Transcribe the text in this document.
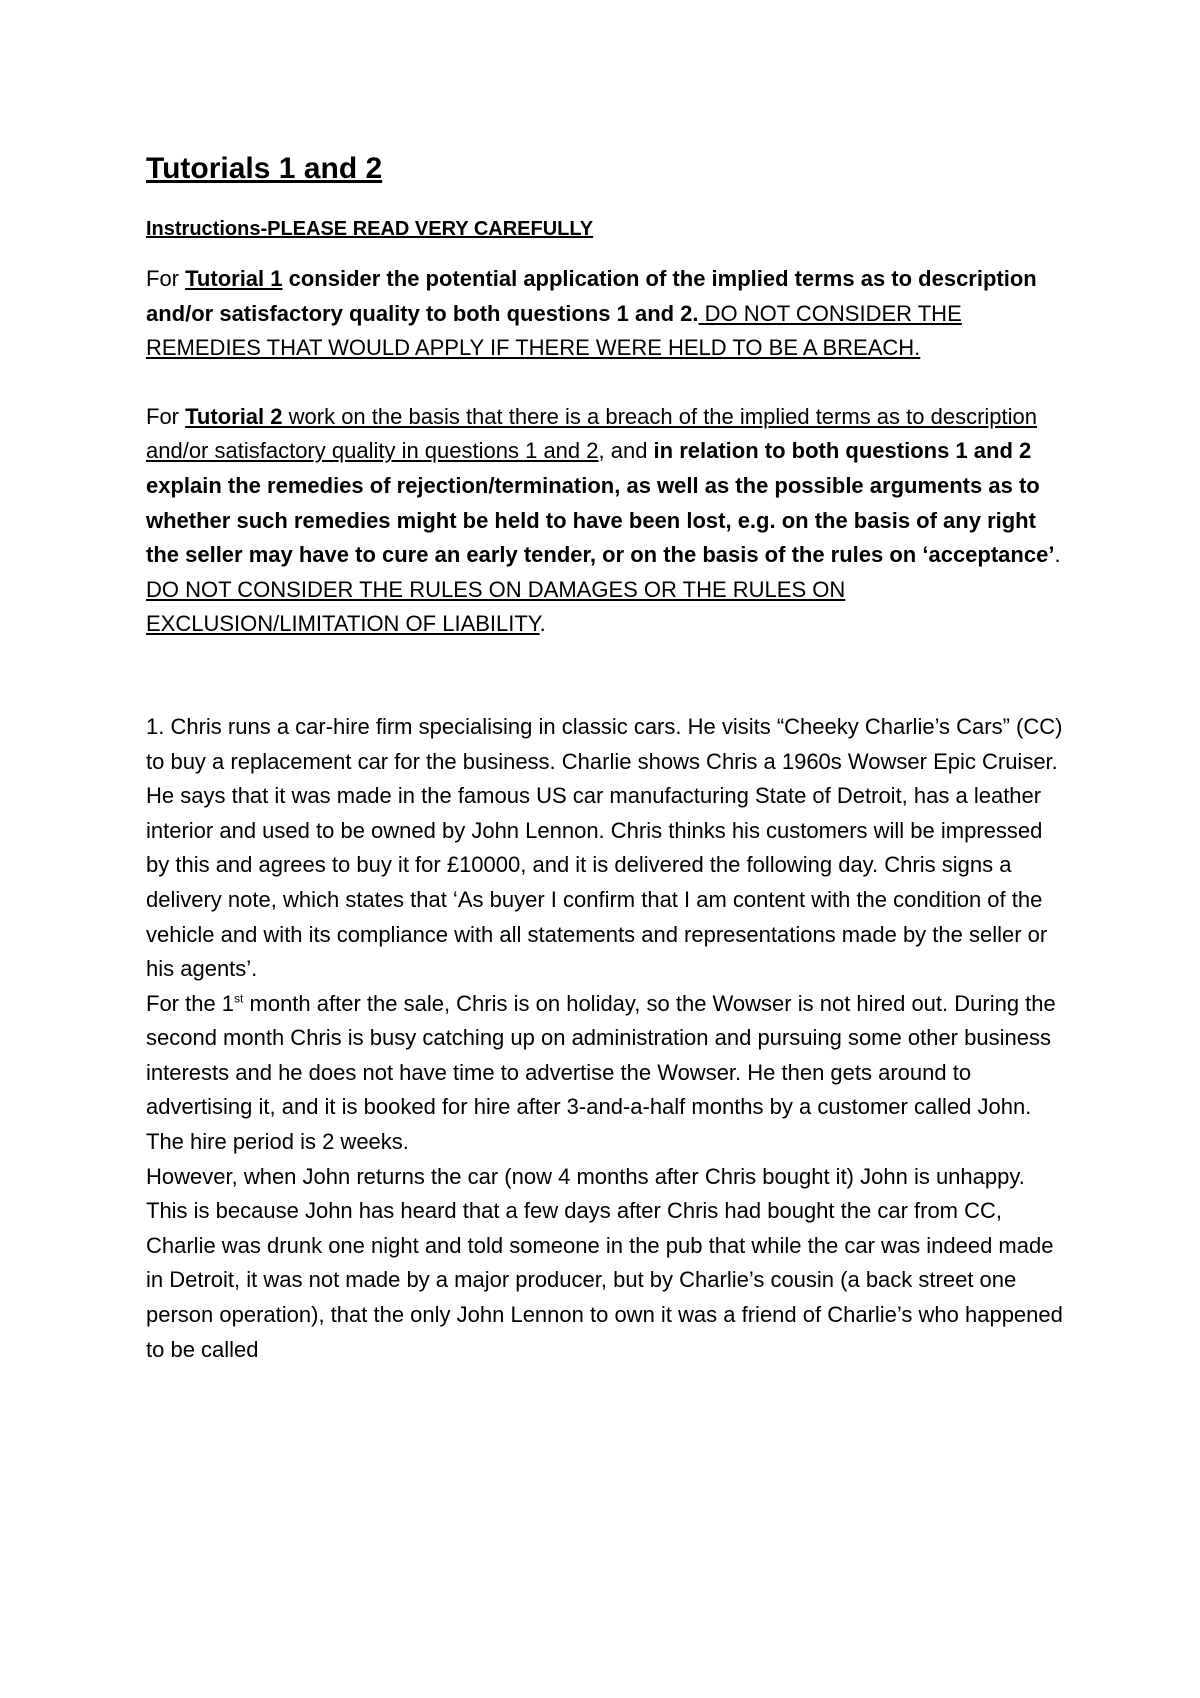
Tutorials 1 and 2
Instructions-PLEASE READ VERY CAREFULLY

For Tutorial 1 consider the potential application of the implied terms as to description and/or satisfactory quality to both questions 1 and 2. DO NOT CONSIDER THE REMEDIES THAT WOULD APPLY IF THERE WERE HELD TO BE A BREACH.

For Tutorial 2 work on the basis that there is a breach of the implied terms as to description and/or satisfactory quality in questions 1 and 2, and in relation to both questions 1 and 2 explain the remedies of rejection/termination, as well as the possible arguments as to whether such remedies might be held to have been lost, e.g. on the basis of any right the seller may have to cure an early tender, or on the basis of the rules on ‘acceptance’. DO NOT CONSIDER THE RULES ON DAMAGES OR THE RULES ON EXCLUSION/LIMITATION OF LIABILITY.

1. Chris runs a car-hire firm specialising in classic cars. He visits “Cheeky Charlie’s Cars” (CC) to buy a replacement car for the business. Charlie shows Chris a 1960s Wowser Epic Cruiser. He says that it was made in the famous US car manufacturing State of Detroit, has a leather interior and used to be owned by John Lennon. Chris thinks his customers will be impressed by this and agrees to buy it for £10000, and it is delivered the following day. Chris signs a delivery note, which states that ‘As buyer I confirm that I am content with the condition of the vehicle and with its compliance with all statements and representations made by the seller or his agents’.

For the 1st month after the sale, Chris is on holiday, so the Wowser is not hired out. During the second month Chris is busy catching up on administration and pursuing some other business interests and he does not have time to advertise the Wowser. He then gets around to advertising it, and it is booked for hire after 3-and-a-half months by a customer called John. The hire period is 2 weeks.

However, when John returns the car (now 4 months after Chris bought it) John is unhappy. This is because John has heard that a few days after Chris had bought the car from CC, Charlie was drunk one night and told someone in the pub that while the car was indeed made in Detroit, it was not made by a major producer, but by Charlie’s cousin (a back street one person operation), that the only John Lennon to own it was a friend of Charlie’s who happened to be called
